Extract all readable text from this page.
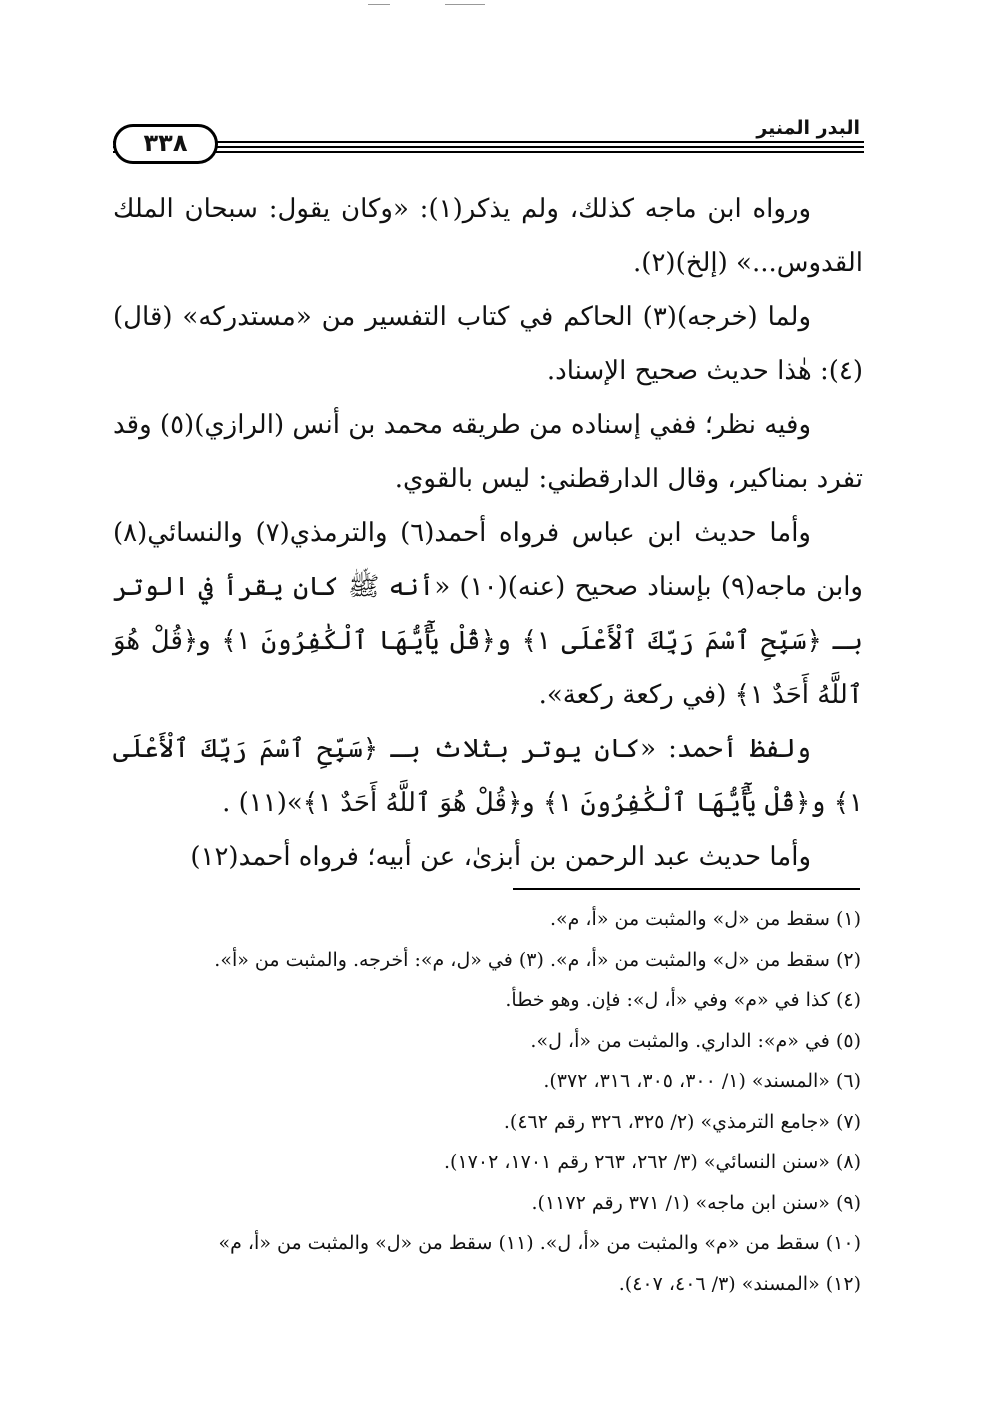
٣٣٨
البدر المنير

ورواه ابن ماجه كذلك، ولم يذكر(١): «وكان يقول: سبحان الملك القدوس...» (إلخ)(٢).

ولما (خرجه)(٣) الحاكم في كتاب التفسير من «مستدركه» (قال)(٤): هٰذا حديث صحيح الإسناد.

وفيه نظر؛ ففي إسناده من طريقه محمد بن أنس (الرازي)(٥) وقد تفرد بمناكير، وقال الدارقطني: ليس بالقوي.

وأما حديث ابن عباس فرواه أحمد(٦) والترمذي(٧) والنسائي(٨) وابن ماجه(٩) بإسناد صحيح (عنه)(١٠) «أنه ﷺ كان يقرأ في الوتر بـ ﴿سَبِّحِ ٱسْمَ رَبِّكَ ٱلْأَعْلَى ١﴾ و﴿قُلْ يَٰٓأَيُّهَا ٱلْكَٰفِرُونَ ١﴾ و﴿قُلْ هُوَ ٱللَّهُ أَحَدٌ ١﴾ (في ركعة ركعة».

ولفظ أحمد: «كان يوتر بثلاث بـ ﴿سَبِّحِ ٱسْمَ رَبِّكَ ٱلْأَعْلَى ١﴾ و﴿قُلْ يَٰٓأَيُّهَا ٱلْكَٰفِرُونَ ١﴾ و﴿قُلْ هُوَ ٱللَّهُ أَحَدٌ ١﴾»(١١) .

وأما حديث عبد الرحمن بن أبزىٰ، عن أبيه؛ فرواه أحمد(١٢)

(١) سقط من «ل» والمثبت من «أ، م».

(٢) سقط من «ل» والمثبت من «أ، م». (٣) في «ل، م»: أخرجه. والمثبت من «أ».

(٤) كذا في «م» وفي «أ، ل»: فإن. وهو خطأ.

(٥) في «م»: الداري. والمثبت من «أ، ل».

(٦) «المسند» (١/ ٣٠٠، ٣٠٥، ٣١٦، ٣٧٢).

(٧) «جامع الترمذي» (٢/ ٣٢٥، ٣٢٦ رقم ٤٦٢).

(٨) «سنن النسائي» (٣/ ٢٦٢، ٢٦٣ رقم ١٧٠١، ١٧٠٢).

(٩) «سنن ابن ماجه» (١/ ٣٧١ رقم ١١٧٢).

(١٠) سقط من «م» والمثبت من «أ، ل». (١١) سقط من «ل» والمثبت من «أ، م»

(١٢) «المسند» (٣/ ٤٠٦، ٤٠٧).
